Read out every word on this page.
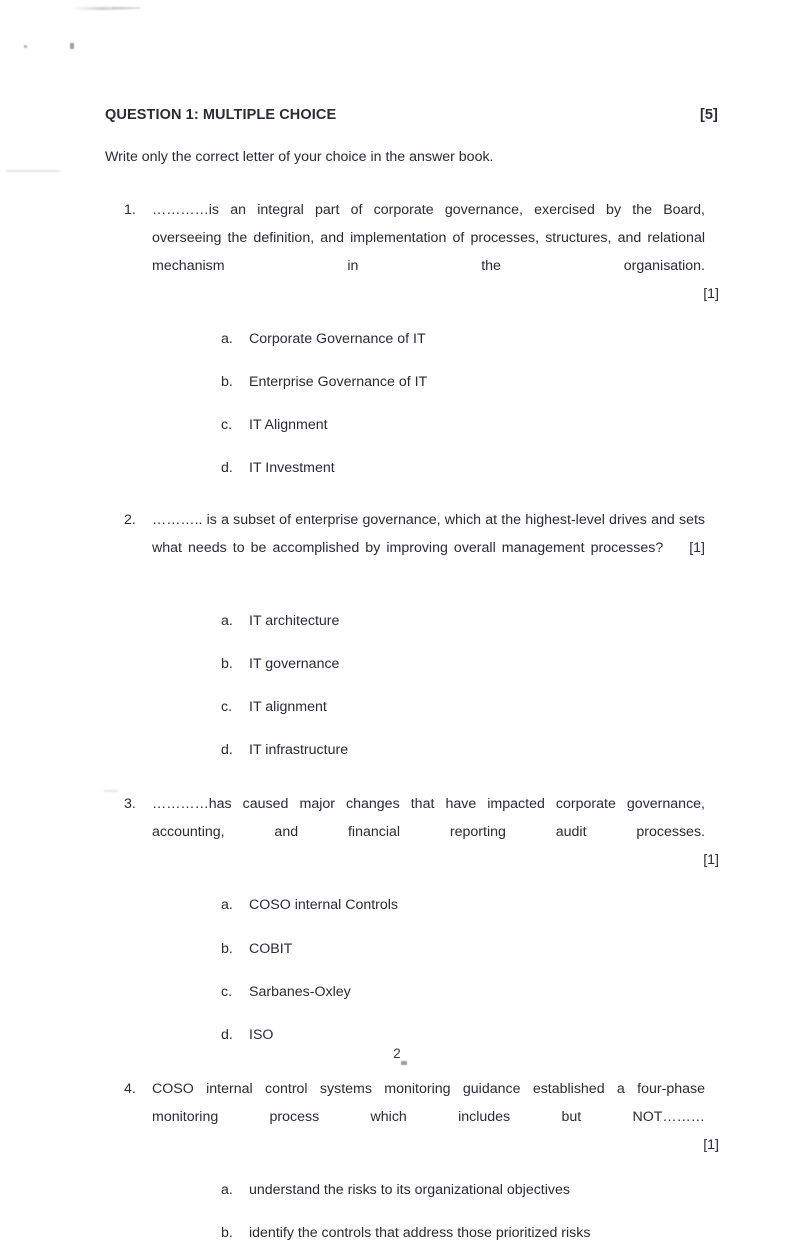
QUESTION 1: MULTIPLE CHOICE	[5]
Write only the correct letter of your choice in the answer book.
1. …………is an integral part of corporate governance, exercised by the Board, overseeing the definition, and implementation of processes, structures, and relational mechanism in the organisation.
[1]
a. Corporate Governance of IT
b. Enterprise Governance of IT
c. IT Alignment
d. IT Investment
2. ……….. is a subset of enterprise governance, which at the highest-level drives and sets what needs to be accomplished by improving overall management processes? [1]
a. IT architecture
b. IT governance
c. IT alignment
d. IT infrastructure
3. …………has caused major changes that have impacted corporate governance, accounting, and financial reporting audit processes.
[1]
a. COSO internal Controls
b. COBIT
c. Sarbanes-Oxley
d. ISO
4. COSO internal control systems monitoring guidance established a four-phase monitoring process which includes but NOT………
[1]
a. understand the risks to its organizational objectives
b. identify the controls that address those prioritized risks
2
